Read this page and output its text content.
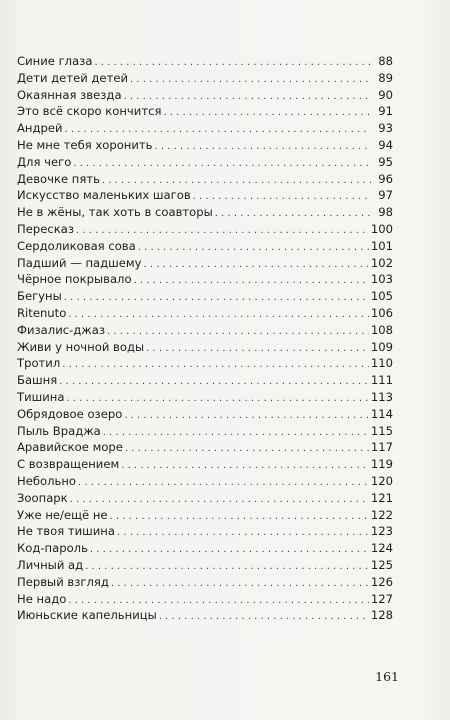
Синие глаза . . .	88
Дети детей детей . . .	89
Окаянная звезда . . .	90
Это всё скоро кончится . . .	91
Андрей . . .	93
Не мне тебя хоронить . . .	94
Для чего . . .	95
Девочке пять . . .	96
Искусство маленьких шагов . . .	97
Не в жёны, так хоть в соавторы . . .	98
Пересказ . . .	100
Сердоликовая сова . . .	101
Падший — падшему . . .	102
Чёрное покрывало . . .	103
Бегуны . . .	105
Ritenuto . . .	106
Физалис-джаз . . .	108
Живи у ночной воды . . .	109
Тротил . . .	110
Башня . . .	111
Тишина . . .	113
Обрядовое озеро . . .	114
Пыль Враджа . . .	115
Аравийское море . . .	117
С возвращением . . .	119
Небольно . . .	120
Зоопарк . . .	121
Уже не/ещё не . . .	122
Не твоя тишина . . .	123
Код-пароль . . .	124
Личный ад . . .	125
Первый взгляд . . .	126
Не надо . . .	127
Июньские капельницы . . .	128
161
